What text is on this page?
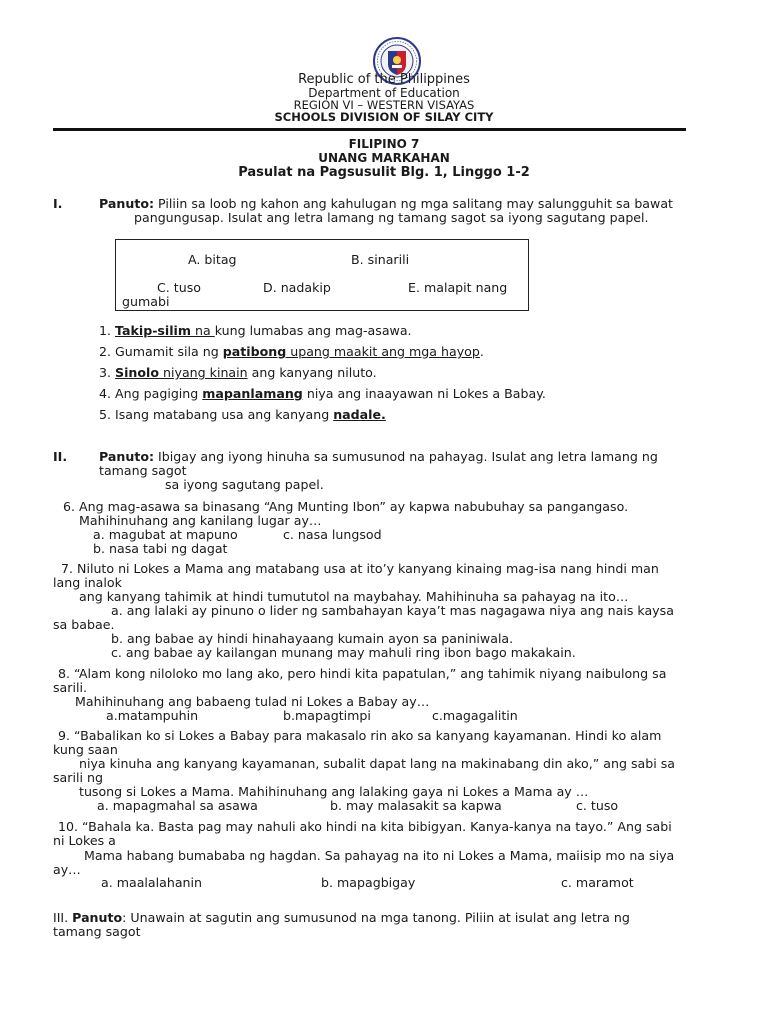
Republic of the Philippines
Department of Education
REGION VI – WESTERN VISAYAS
SCHOOLS DIVISION OF SILAY CITY
FILIPINO 7
UNANG MARKAHAN
Pasulat na Pagsusulit Blg. 1, Linggo 1-2
I.	Panuto: Piliin sa loob ng kahon ang kahulugan ng mga salitang may salungguhit sa bawat
pangungusap. Isulat ang letra lamang ng tamang sagot sa iyong sagutang papel.
A. bitag	B. sinarili
C. tuso	D. nadakip	E. malapit nang
gumabi
1. Takip-silim na kung lumabas ang mag-asawa.
2. Gumamit sila ng patibong upang maakit ang mga hayop.
3. Sinolo niyang kinain ang kanyang niluto.
4. Ang pagiging mapanlamang niya ang inaayawan ni Lokes a Babay.
5. Isang matabang usa ang kanyang nadale.
II.	Panuto: Ibigay ang iyong hinuha sa sumusunod na pahayag. Isulat ang letra lamang ng
tamang sagot
sa iyong sagutang papel.
6. Ang mag-asawa sa binasang “Ang Munting Ibon” ay kapwa nabubuhay sa pangangaso.
Mahihinuhang ang kanilang lugar ay…
a. magubat at mapuno	c. nasa lungsod
b. nasa tabi ng dagat
7. Niluto ni Lokes a Mama ang matabang usa at ito’y kanyang kinaing mag-isa nang hindi man
lang inalok
ang kanyang tahimik at hindi tumututol na maybahay. Mahihinuha sa pahayag na ito…
a. ang lalaki ay pinuno o lider ng sambahayan kaya’t mas nagagawa niya ang nais kaysa
sa babae.
b. ang babae ay hindi hinahayaang kumain ayon sa paniniwala.
c. ang babae ay kailangan munang may mahuli ring ibon bago makakain.
8. “Alam kong niloloko mo lang ako, pero hindi kita papatulan,” ang tahimik niyang naibulong sa
sarili.
Mahihinuhang ang babaeng tulad ni Lokes a Babay ay…
a.matampuhin	b.mapagtimpi	c.magagalitin
9. “Babalikan ko si Lokes a Babay para makasalo rin ako sa kanyang kayamanan. Hindi ko alam
kung saan
niya kinuha ang kanyang kayamanan, subalit dapat lang na makinabang din ako,” ang sabi sa
sarili ng
tusong si Lokes a Mama. Mahihinuhang ang lalaking gaya ni Lokes a Mama ay …
a. mapagmahal sa asawa	b. may malasakit sa kapwa	c. tuso
10. “Bahala ka. Basta pag may nahuli ako hindi na kita bibigyan. Kanya-kanya na tayo.” Ang sabi
ni Lokes a
Mama habang bumababa ng hagdan. Sa pahayag na ito ni Lokes a Mama, maiisip mo na siya
ay…
a. maalalahanin	b. mapagbigay	c. maramot
III. Panuto: Unawain at sagutin ang sumusunod na mga tanong. Piliin at isulat ang letra ng
tamang sagot
